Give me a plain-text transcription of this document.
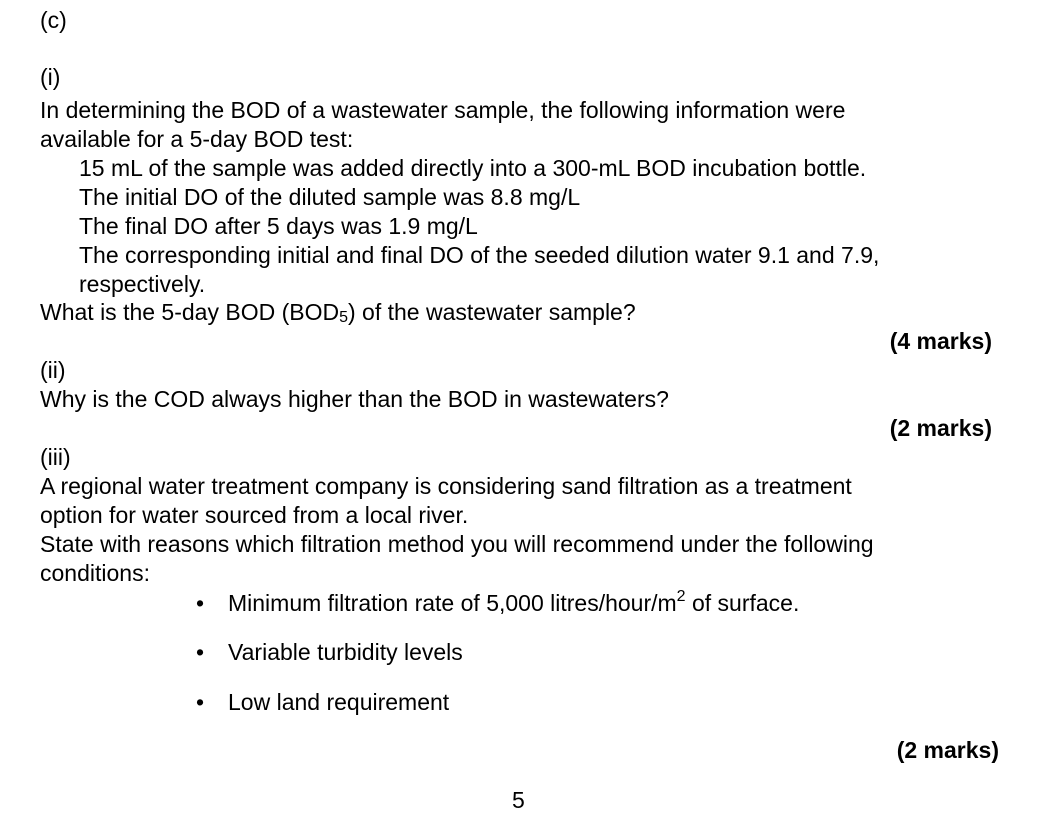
(c)
(i)
In determining the BOD of a wastewater sample, the following information were
available for a 5-day BOD test:
15 mL of the sample was added directly into a 300-mL BOD incubation bottle.
The initial DO of the diluted sample was 8.8 mg/L
The final DO after 5 days was 1.9 mg/L
The corresponding initial and final DO of the seeded dilution water 9.1 and 7.9,
respectively.
What is the 5-day BOD $(BOD_5)$ of the wastewater sample?
(4 marks)
(ii)
Why is the COD always higher than the BOD in wastewaters?
(2 marks)
(iii)
A regional water treatment company is considering sand filtration as a treatment
option for water sourced from a local river.
State with reasons which filtration method you will recommend under the following
conditions:
• Minimum filtration rate of 5,000 litres/$hour/m^2$ of surface.
• Variable turbidity levels
• Low land requirement
(2 marks)
5
